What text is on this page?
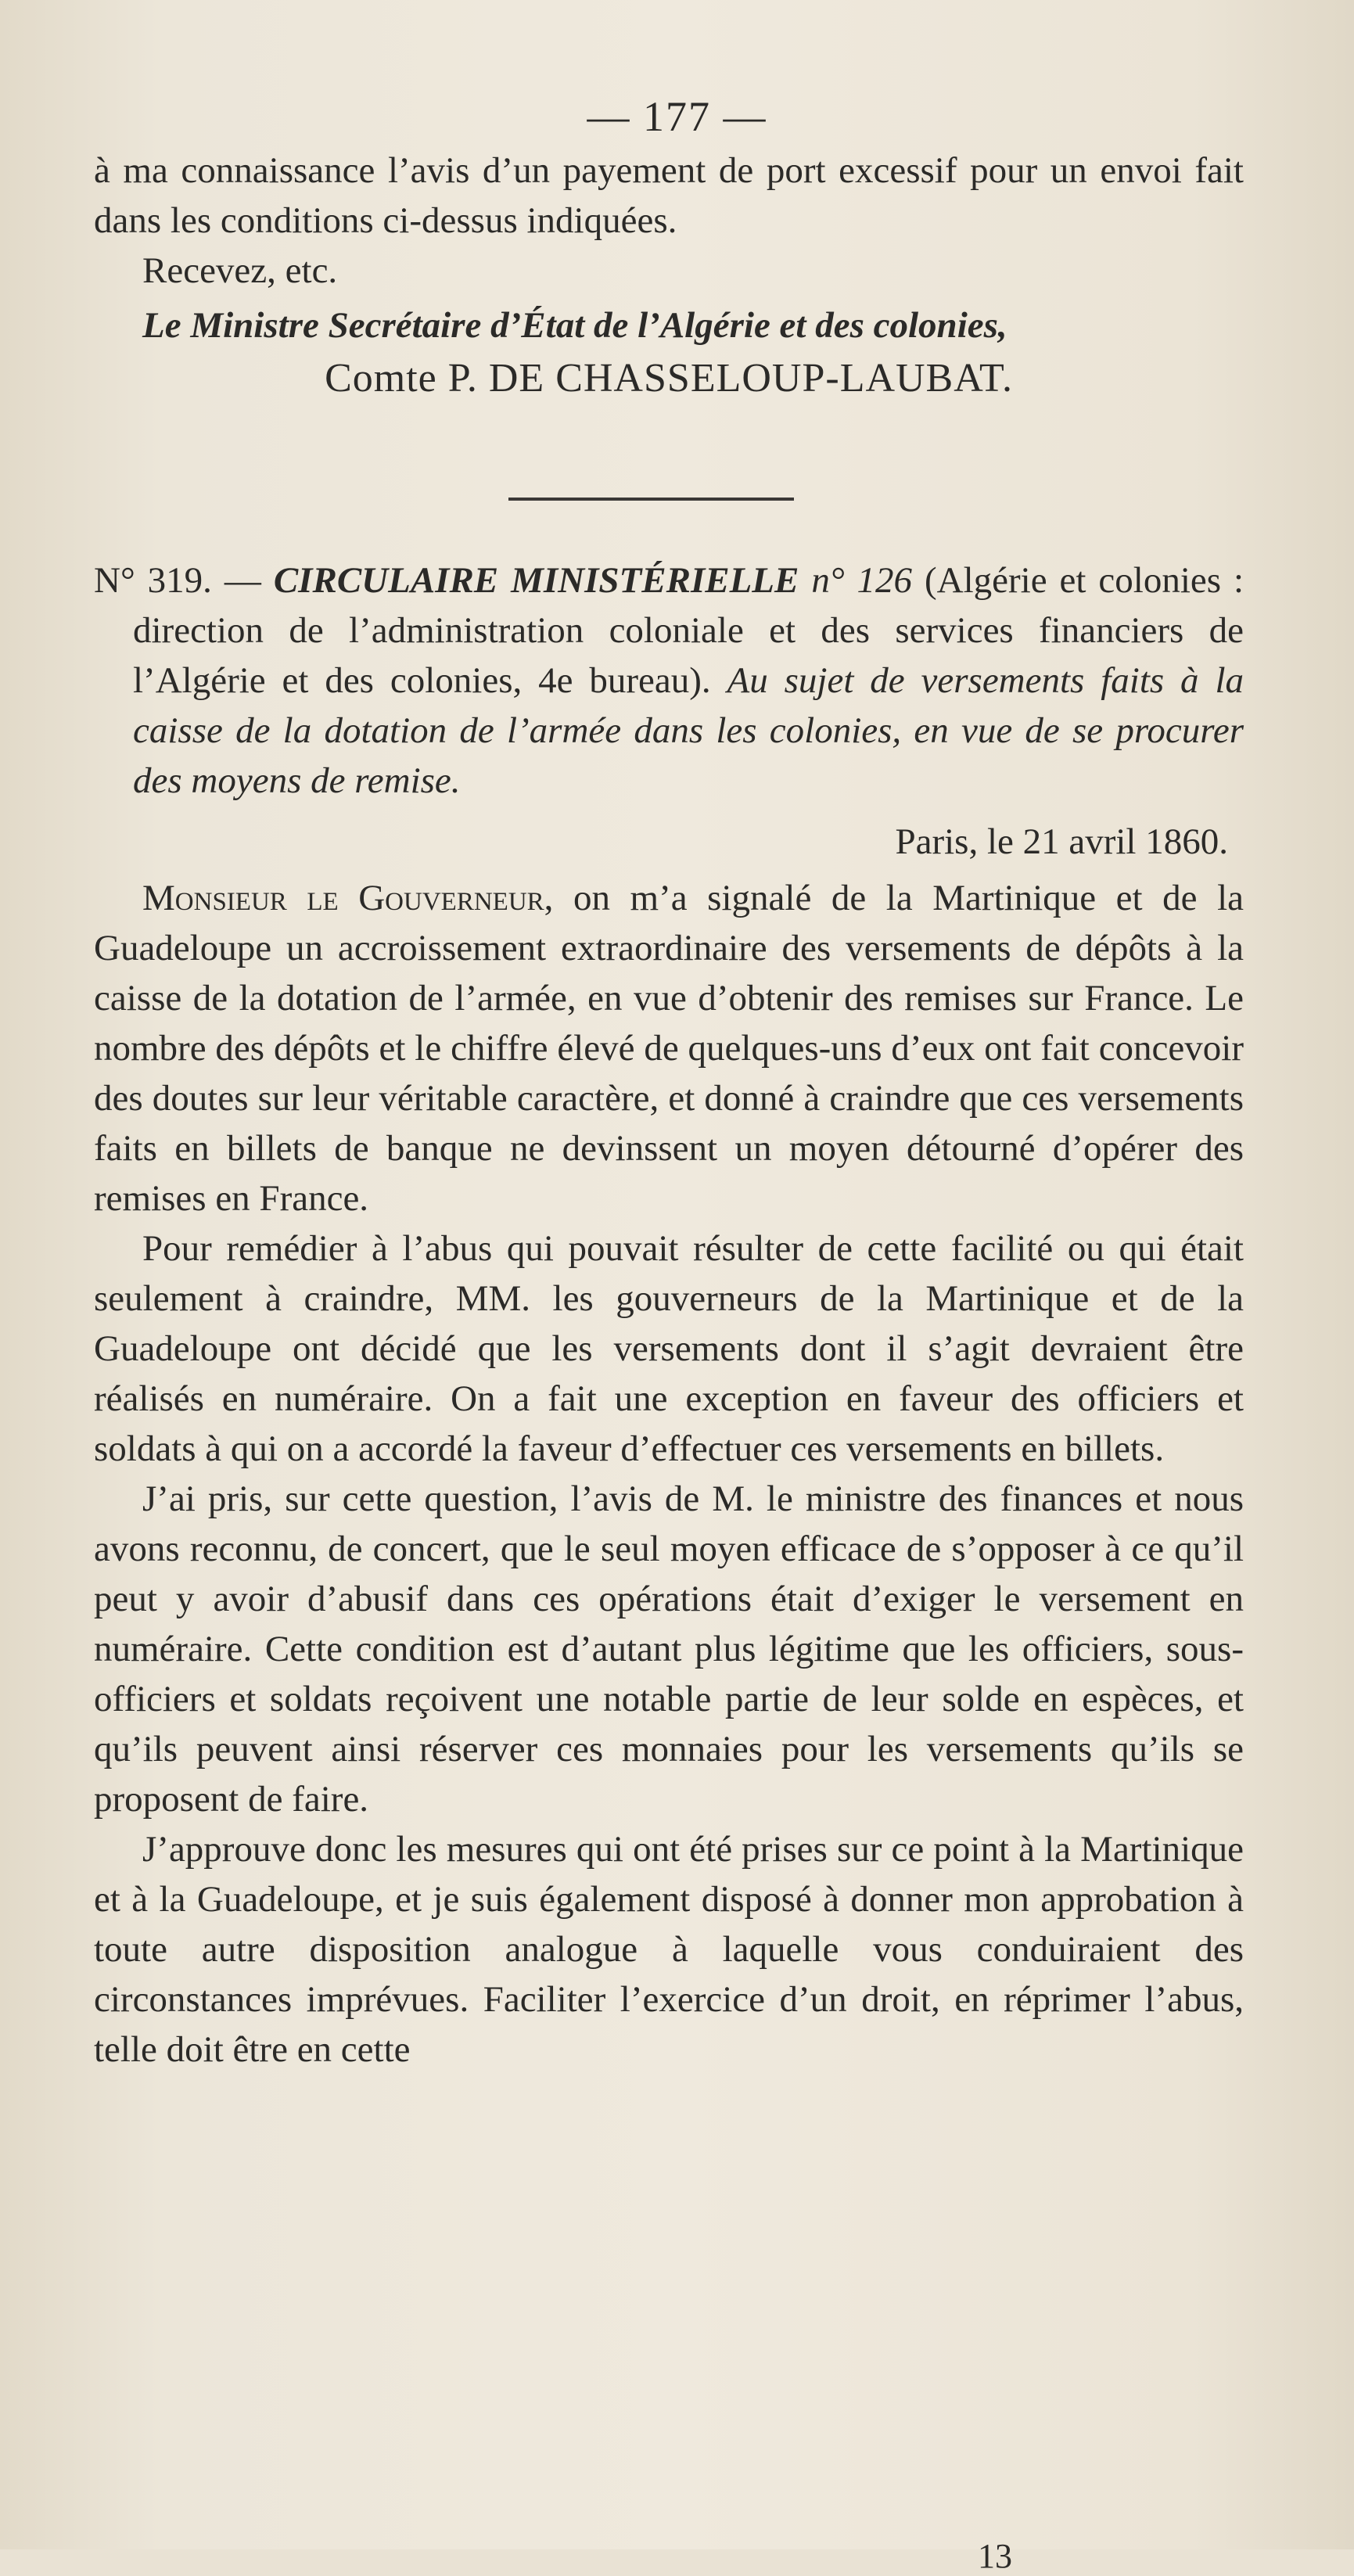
— 177 —

à ma connaissance l’avis d’un payement de port excessif pour un envoi fait dans les conditions ci-dessus indiquées.

Recevez, etc.

Le Ministre Secrétaire d’État de l’Algérie et des colonies,

Comte P. DE CHASSELOUP-LAUBAT.

N° 319. — CIRCULAIRE MINISTÉRIELLE n° 126 (Algérie et colonies : direction de l’administration coloniale et des services financiers de l’Algérie et des colonies, 4e bureau). Au sujet de versements faits à la caisse de la dotation de l’armée dans les colonies, en vue de se procurer des moyens de remise.

Paris, le 21 avril 1860.

Monsieur le Gouverneur, on m’a signalé de la Martinique et de la Guadeloupe un accroissement extraordinaire des versements de dépôts à la caisse de la dotation de l’armée, en vue d’obtenir des remises sur France. Le nombre des dépôts et le chiffre élevé de quelques-uns d’eux ont fait concevoir des doutes sur leur véritable caractère, et donné à craindre que ces versements faits en billets de banque ne devinssent un moyen détourné d’opérer des remises en France.

Pour remédier à l’abus qui pouvait résulter de cette facilité ou qui était seulement à craindre, MM. les gouverneurs de la Martinique et de la Guadeloupe ont décidé que les versements dont il s’agit devraient être réalisés en numéraire. On a fait une exception en faveur des officiers et soldats à qui on a accordé la faveur d’effectuer ces versements en billets.

J’ai pris, sur cette question, l’avis de M. le ministre des finances et nous avons reconnu, de concert, que le seul moyen efficace de s’opposer à ce qu’il peut y avoir d’abusif dans ces opérations était d’exiger le versement en numéraire. Cette condition est d’autant plus légitime que les officiers, sous-officiers et soldats reçoivent une notable partie de leur solde en espèces, et qu’ils peuvent ainsi réserver ces monnaies pour les versements qu’ils se proposent de faire.

J’approuve donc les mesures qui ont été prises sur ce point à la Martinique et à la Guadeloupe, et je suis également disposé à donner mon approbation à toute autre disposition analogue à laquelle vous conduiraient des circonstances imprévues. Faciliter l’exercice d’un droit, en réprimer l’abus, telle doit être en cette

13
